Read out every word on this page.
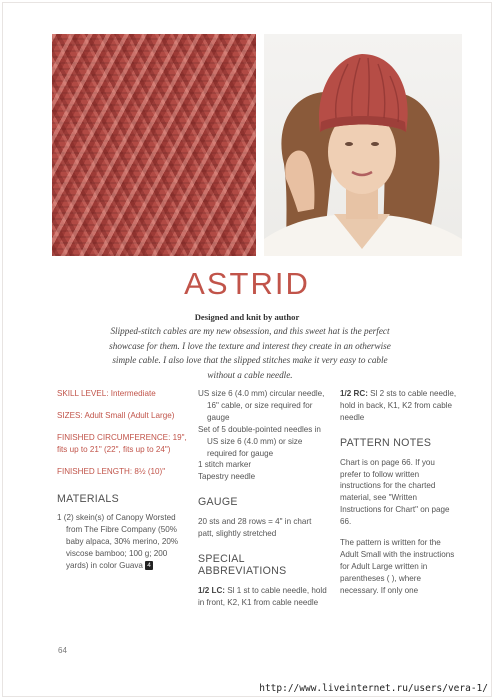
ASTRID
Designed and knit by author
Slipped-stitch cables are my new obsession, and this sweet hat is the perfect showcase for them. I love the texture and interest they create in an otherwise simple cable. I also love that the slipped stitches make it very easy to cable without a cable needle.

SKILL LEVEL: Intermediate

SIZES: Adult Small (Adult Large)

FINISHED CIRCUMFERENCE: 19", fits up to 21" (22", fits up to 24")

FINISHED LENGTH: 8½ (10)"

MATERIALS

1 (2) skein(s) of Canopy Worsted from The Fibre Company (50% baby alpaca, 30% merino, 20% viscose bamboo; 100 g; 200 yards) in color Guava 4

US size 6 (4.0 mm) circular needle, 16" cable, or size required for gauge

Set of 5 double-pointed needles in US size 6 (4.0 mm) or size required for gauge

1 stitch marker

Tapestry needle

GAUGE

20 sts and 28 rows = 4" in chart patt, slightly stretched

SPECIAL ABBREVIATIONS

1/2 LC: Sl 1 st to cable needle, hold in front, K2, K1 from cable needle

1/2 RC: Sl 2 sts to cable needle, hold in back, K1, K2 from cable needle

PATTERN NOTES

Chart is on page 66. If you prefer to follow written instructions for the charted material, see "Written Instructions for Chart" on page 66.

The pattern is written for the Adult Small with the instructions for Adult Large written in parentheses ( ), where necessary. If only one

64
http://www.liveinternet.ru/users/vera-1/
